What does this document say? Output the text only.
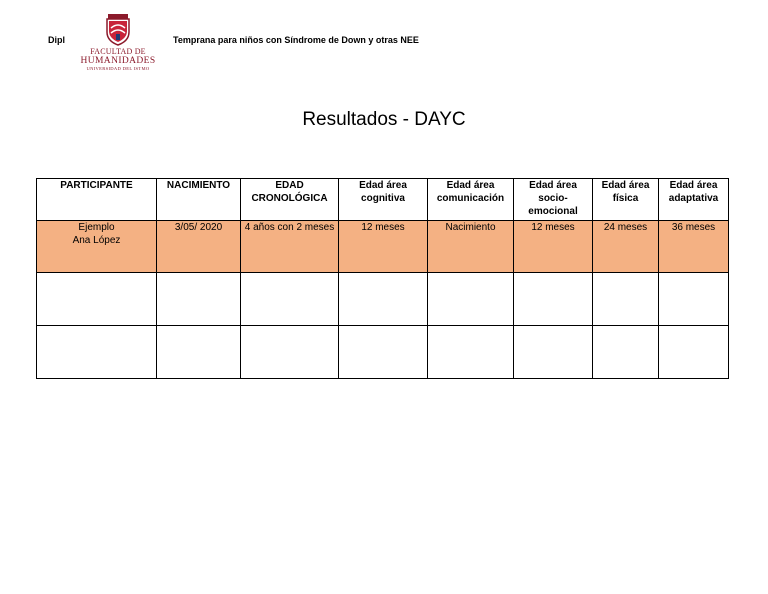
Dipl	Temprana para niños con Síndrome de Down y otras NEE
FACULTAD DE
HUMANIDADES
UNIVERSIDAD DEL ISTMO
Resultados - DAYC
PARTICIPANTE	NACIMIENTO	EDAD CRONOLÓGICA	Edad área cognitiva	Edad área comunicación	Edad área socio-emocional	Edad área física	Edad área adaptativa

Ejemplo
Ana López	3/05/ 2020	4 años con 2 meses	12 meses	Nacimiento	12 meses	24 meses	36 meses
